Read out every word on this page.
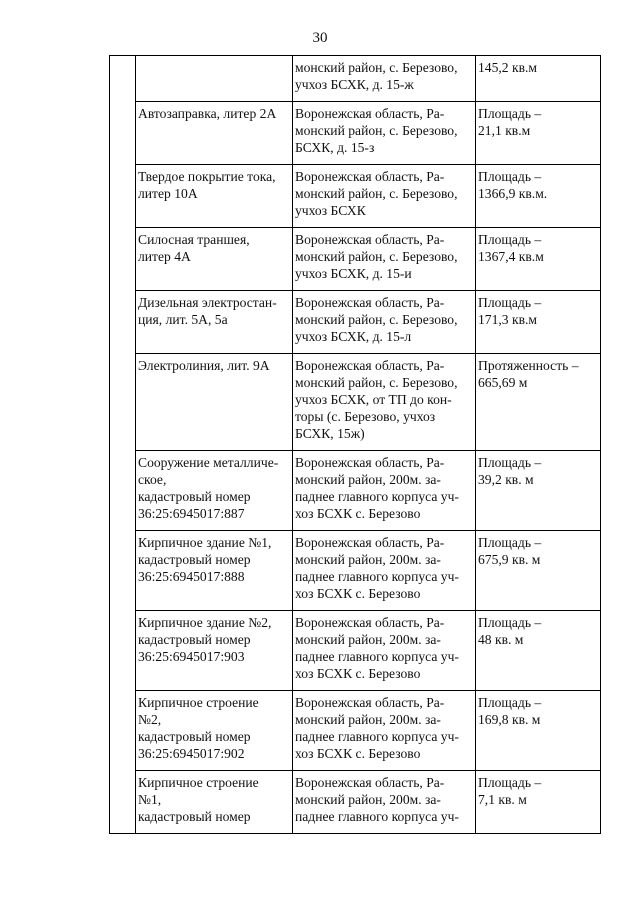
30

		монский район, с. Березово,
учхоз БСХК, д. 15-ж	145,2 кв.м

	Автозаправка, литер 2А	Воронежская область, Ра-
монский район, с. Березово,
БСХК, д. 15-з	Площадь –
21,1 кв.м

	Твердое покрытие тока,
литер 10А	Воронежская область, Ра-
монский район, с. Березово,
учхоз БСХК	Площадь –
1366,9 кв.м.

	Силосная траншея,
литер 4А	Воронежская область, Ра-
монский район, с. Березово,
учхоз БСХК, д. 15-и	Площадь –
1367,4 кв.м

	Дизельная электростан-
ция, лит. 5А, 5а	Воронежская область, Ра-
монский район, с. Березово,
учхоз БСХК, д. 15-л	Площадь –
171,3 кв.м

	Электролиния, лит. 9А	Воронежская область, Ра-
монский район, с. Березово,
учхоз БСХК, от ТП до кон-
торы (с. Березово, учхоз
БСХК, 15ж)	Протяженность –
665,69 м

	Сооружение металличе-
ское,
кадастровый номер
36:25:6945017:887	Воронежская область, Ра-
монский район, 200м. за-
паднее главного корпуса уч-
хоз БСХК с. Березово	Площадь –
39,2 кв. м

	Кирпичное здание №1,
кадастровый номер
36:25:6945017:888	Воронежская область, Ра-
монский район, 200м. за-
паднее главного корпуса уч-
хоз БСХК с. Березово	Площадь –
675,9 кв. м

	Кирпичное здание №2,
кадастровый номер
36:25:6945017:903	Воронежская область, Ра-
монский район, 200м. за-
паднее главного корпуса уч-
хоз БСХК с. Березово	Площадь –
48 кв. м

	Кирпичное строение
№2,
кадастровый номер
36:25:6945017:902	Воронежская область, Ра-
монский район, 200м. за-
паднее главного корпуса уч-
хоз БСХК с. Березово	Площадь –
169,8 кв. м

	Кирпичное строение
№1,
кадастровый номер	Воронежская область, Ра-
монский район, 200м. за-
паднее главного корпуса уч-	Площадь –
7,1 кв. м
